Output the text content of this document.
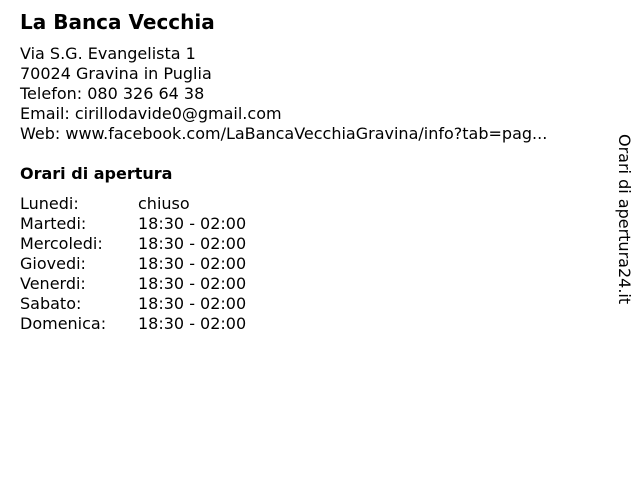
La Banca Vecchia
Via S.G. Evangelista 1
70024 Gravina in Puglia
Telefon: 080 326 64 38
Email: cirillodavide0@gmail.com
Web: www.facebook.com/LaBancaVecchiaGravina/info?tab=pag...
Orari di apertura
Lunedi:	chiuso
Martedi:	18:30 - 02:00
Mercoledi: 18:30 - 02:00
Giovedi:	18:30 - 02:00
Venerdi:	18:30 - 02:00
Sabato:	18:30 - 02:00
Domenica: 18:30 - 02:00
Orari di apertura24.it
